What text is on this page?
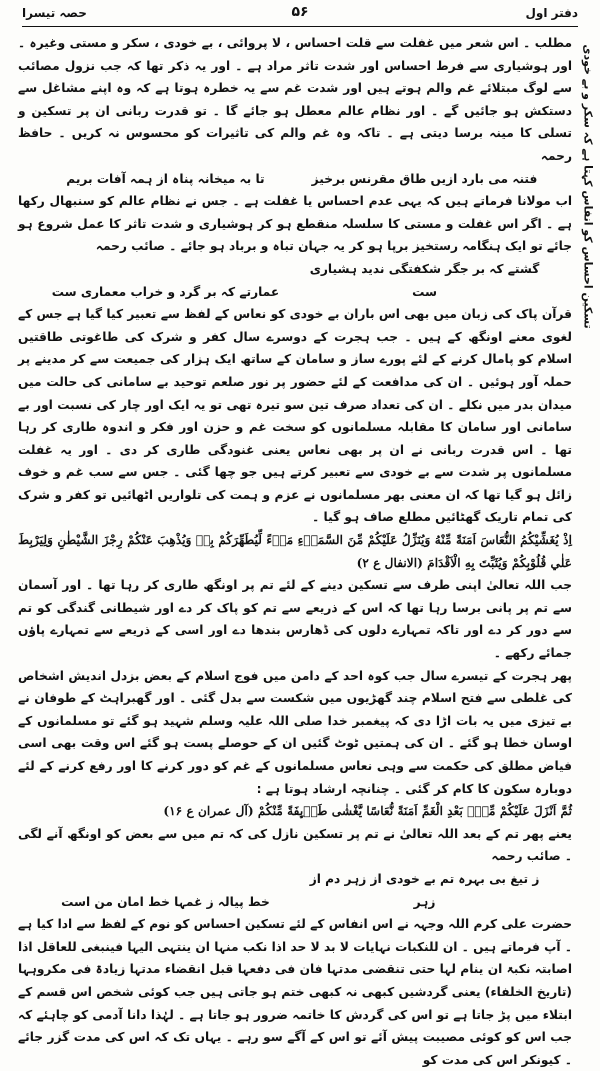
دفتر اول
۵۶
حصہ تیسرا
تسکین احساس کو انفاس کہتا ہے کہ سکر و بے خودی

مطلب ۔ اس شعر میں غفلت سے قلت احساس ، لا پروائی ، بے خودی ، سکر و مستی وغیرہ ۔ اور ہوشیاری سے فرط احساس اور شدت تاثر مراد ہے ۔ اور یہ ذکر تھا کہ جب نزول مصائب سے لوگ مبتلائے غم والم ہوتے ہیں اور شدت غم سے یہ خطرہ ہوتا ہے کہ وہ اپنے مشاغل سے دستکش ہو جائیں گے ۔ اور نظام عالم معطل ہو جائے گا ۔ تو قدرت ربانی ان پر تسکین و تسلی کا مینہ برسا دیتی ہے ۔ تاکہ وہ غم والم کی تاثیرات کو محسوس نہ کریں ۔ حافظ رحمہ

فتنہ می بارد ازیں طاق مقرنس برخیز تا بہ میخانہ پناہ از ہمہ آفات بریم

اب مولانا فرماتے ہیں کہ یہی عدم احساس یا غفلت ہے ۔ جس نے نظام عالم کو سنبھال رکھا ہے ۔ اگر اس غفلت و مستی کا سلسلہ منقطع ہو کر ہوشیاری و شدت تاثر کا عمل شروع ہو جائے تو ایک ہنگامہ رستخیز برپا ہو کر یہ جہان تباہ و برباد ہو جائے ۔ صائب رحمہ

گشتے کہ بر جگر شکفتگی ندید ہشیاری ست عمارتے کہ بر گرد و خراب معماری ست

قرآن پاک کی زبان میں بھی اس باران بے خودی کو نعاس کے لفظ سے تعبیر کیا گیا ہے جس کے لغوی معنے اونگھ کے ہیں ۔ جب ہجرت کے دوسرے سال کفر و شرک کی طاغوتی طاقتیں اسلام کو پامال کرنے کے لئے پورے ساز و سامان کے ساتھ ایک ہزار کی جمیعت سے کر مدینے پر حملہ آور ہوئیں ۔ ان کی مدافعت کے لئے حضور پر نور صلعم توحید بے سامانی کی حالت میں میدان بدر میں نکلے ۔ ان کی تعداد صرف تین سو تیرہ تھی تو یہ ایک اور چار کی نسبت اور بے سامانی اور سامان کا مقابلہ مسلمانوں کو سخت غم و حزن اور فکر و اندوہ طاری کر رہا تھا ۔ اس قدرت ربانی نے ان پر بھی نعاس یعنی غنودگی طاری کر دی ۔ اور یہ غفلت مسلمانوں پر شدت سے بے خودی سے تعبیر کرتے ہیں جو چھا گئی ۔ جس سے سب غم و خوف زائل ہو گیا تھا کہ ان معنی بھر مسلمانوں نے عزم و ہمت کی تلواریں اٹھائیں تو کفر و شرک کی تمام تاریک گھٹائیں مطلع صاف ہو گیا ۔

اِذْ يُغَشِّيْكُمُ النُّعَاسَ اَمَنَةً مِّنْهُ وَيُنَزِّلُ عَلَيْكُمْ مِّنَ السَّمَاۗءِ مَاۗءً لِّيُطَهِّرَكُمْ بِهٖ وَيُذْهِبَ عَنْكُمْ رِجْزَ الشَّيْطٰنِ وَلِيَرْبِطَ عَلٰي قُلُوْبِكُمْ وَيُثَبِّتَ بِهِ الْاَقْدَامَ (الانفال ع ۲)

جب اللہ تعالیٰ اپنی طرف سے تسکین دینے کے لئے تم پر اونگھ طاری کر رہا تھا ۔ اور آسمان سے تم پر پانی برسا رہا تھا کہ اس کے ذریعے سے تم کو پاک کر دے اور شیطانی گندگی کو تم سے دور کر دے اور تاکہ تمہارے دلوں کی ڈھارس بندھا دے اور اسی کے ذریعے سے تمہارے پاؤں جمائے رکھے ۔

پھر ہجرت کے تیسرے سال جب کوہ احد کے دامن میں فوج اسلام کے بعض بزدل اندیش اشخاص کی غلطی سے فتح اسلام چند گھڑیوں میں شکست سے بدل گئی ۔ اور گھبراہٹ کے طوفان نے بے تیزی میں یہ بات اڑا دی کہ پیغمبر خدا صلی اللہ علیہ وسلم شہید ہو گئے تو مسلمانوں کے اوسان خطا ہو گئے ۔ ان کی ہمتیں ٹوٹ گئیں ان کے حوصلے پست ہو گئے اس وقت بھی اسی فیاض مطلق کی حکمت سے وہی نعاس مسلمانوں کے غم کو دور کرنے کا اور رفع کرنے کے لئے دوبارہ سکون کا کام کر گئی ۔ چنانچہ ارشاد ہوتا ہے :

ثُمَّ اَنْزَلَ عَلَيْكُمْ مِّنْۢ بَعْدِ الْغَمِّ اَمَنَةً نُّعَاسًا يَّغْشٰى طَاۗىِٕفَةً مِّنْكُمْ (آل عمران ع ۱۶)

یعنے پھر تم کے بعد اللہ تعالیٰ نے تم پر تسکین نازل کی کہ تم میں سے بعض کو اونگھ آنے لگی ۔ صائب رحمہ

ز تیغ بی بہرہ تم بے خودی از زہر دم از زہر خط پیالہ ز غمہا خط امان من است

حضرت علی کرم اللہ وجہہ نے اس انفاس کے لئے تسکین احساس کو نوم کے لفظ سے ادا کیا ہے ۔ آپ فرماتے ہیں ۔ ان للنکبات نہایات لا بد لا حد اذا نکب منہا ان ینتہی الیہا فینبغی للعاقل اذا اصابتہ نکبۃ ان ینام لہا حتی تنقضی مدتہا فان فی دفعہا قبل انقضاء مدتہا زیادۃ فی مکروہہا (تاریخ الخلفاء) یعنی گردشیں کبھی نہ کبھی ختم ہو جاتی ہیں جب کوئی شخص اس قسم کے ابتلاء میں پڑ جاتا ہے تو اس کی گردش کا خاتمہ ضرور ہو جاتا ہے ۔ لہٰذا دانا آدمی کو چاہئے کہ جب اس کو کوئی مصیبت پیش آئے تو اس کے آگے سو رہے ۔ یہاں تک کہ اس کی مدت گزر جائے ۔ کیونکر اس کی مدت کو
